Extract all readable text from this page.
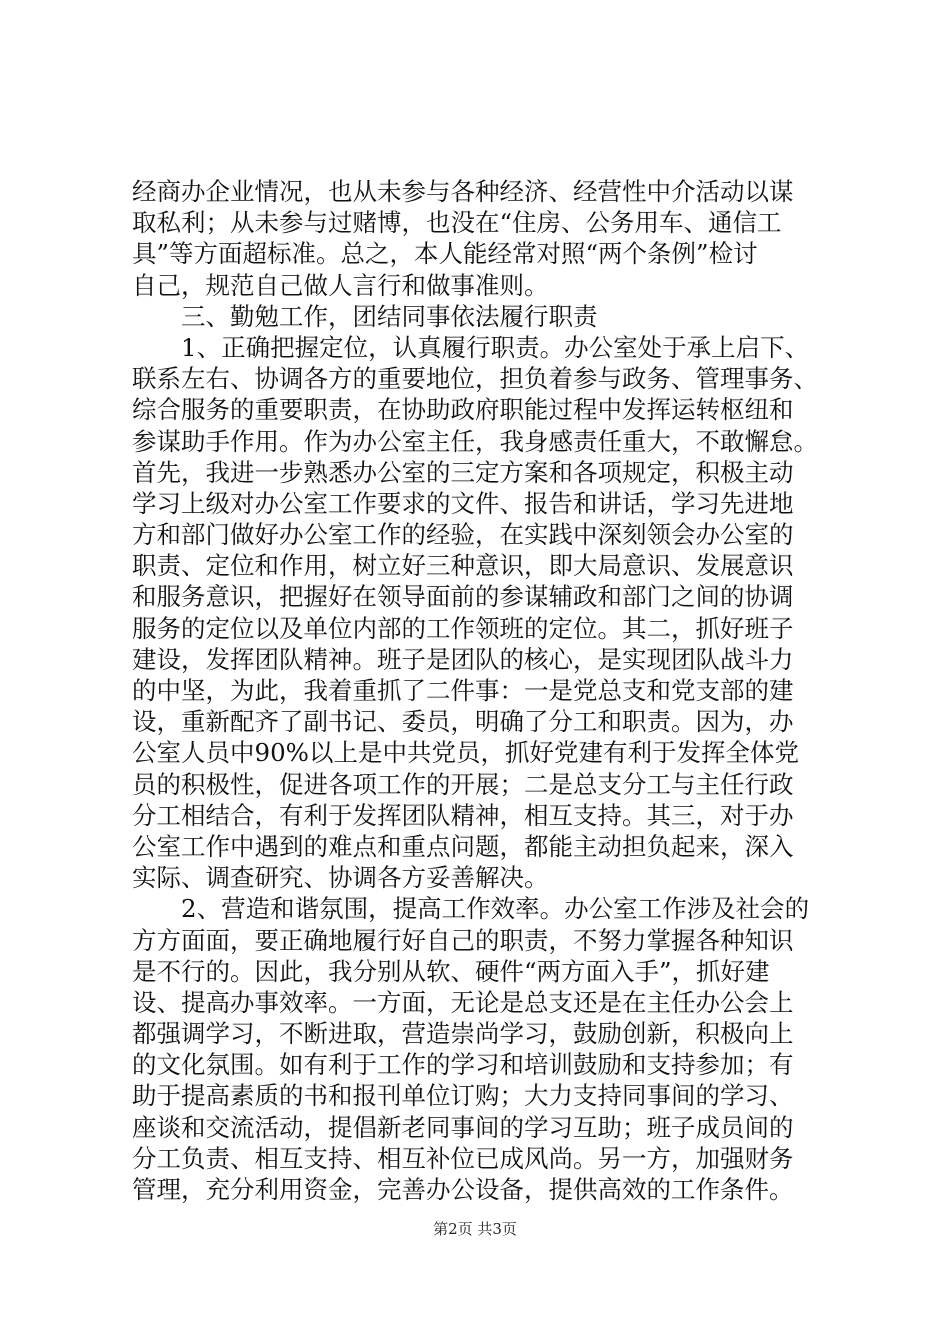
经商办企业情况，也从未参与各种经济、经营性中介活动以谋
取私利；从未参与过赌博，也没在“住房、公务用车、通信工
具”等方面超标准。总之，本人能经常对照“两个条例”检讨
自己，规范自己做人言行和做事准则。
三、勤勉工作，团结同事依法履行职责
1、正确把握定位，认真履行职责。办公室处于承上启下、
联系左右、协调各方的重要地位，担负着参与政务、管理事务、
综合服务的重要职责，在协助政府职能过程中发挥运转枢纽和
参谋助手作用。作为办公室主任，我身感责任重大，不敢懈怠。
首先，我进一步熟悉办公室的三定方案和各项规定，积极主动
学习上级对办公室工作要求的文件、报告和讲话，学习先进地
方和部门做好办公室工作的经验，在实践中深刻领会办公室的
职责、定位和作用，树立好三种意识，即大局意识、发展意识
和服务意识，把握好在领导面前的参谋辅政和部门之间的协调
服务的定位以及单位内部的工作领班的定位。其二，抓好班子
建设，发挥团队精神。班子是团队的核心，是实现团队战斗力
的中坚，为此，我着重抓了二件事：一是党总支和党支部的建
设，重新配齐了副书记、委员，明确了分工和职责。因为，办
公室人员中90%以上是中共党员，抓好党建有利于发挥全体党
员的积极性，促进各项工作的开展；二是总支分工与主任行政
分工相结合，有利于发挥团队精神，相互支持。其三，对于办
公室工作中遇到的难点和重点问题，都能主动担负起来，深入
实际、调查研究、协调各方妥善解决。
2、营造和谐氛围，提高工作效率。办公室工作涉及社会的
方方面面，要正确地履行好自己的职责，不努力掌握各种知识
是不行的。因此，我分别从软、硬件“两方面入手”，抓好建
设、提高办事效率。一方面，无论是总支还是在主任办公会上
都强调学习，不断进取，营造崇尚学习，鼓励创新，积极向上
的文化氛围。如有利于工作的学习和培训鼓励和支持参加；有
助于提高素质的书和报刊单位订购；大力支持同事间的学习、
座谈和交流活动，提倡新老同事间的学习互助；班子成员间的
分工负责、相互支持、相互补位已成风尚。另一方，加强财务
管理，充分利用资金，完善办公设备，提供高效的工作条件。
第2页 共3页
